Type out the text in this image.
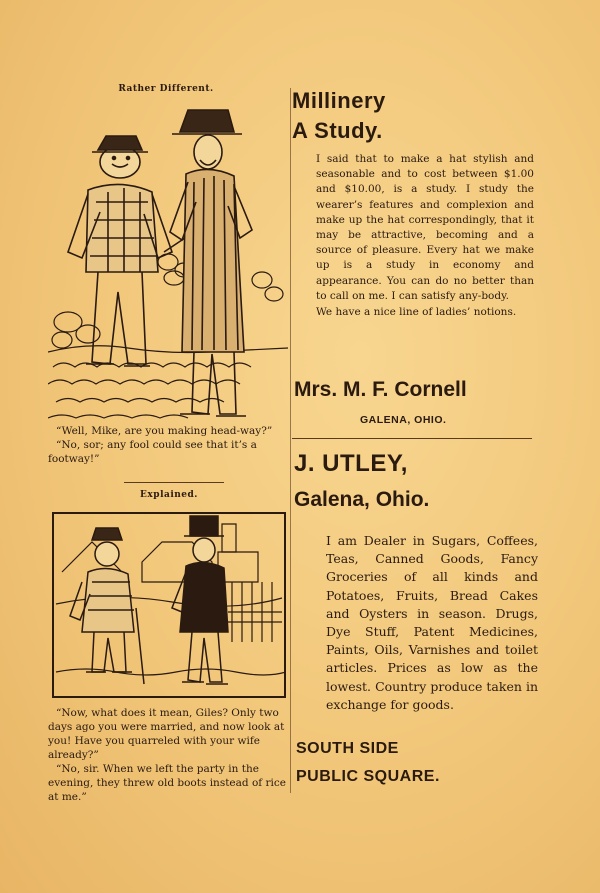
Rather Different.

“Well, Mike, are you making head-way?”

“No, sor; any fool could see that it’s a footway!”

Explained.

“Now, what does it mean, Giles? Only two days ago you were married, and now look at you! Have you quarreled with your wife already?”

“No, sir. When we left the party in the evening, they threw old boots instead of rice at me.”

Millinery
A Study.

I said that to make a hat stylish and seasonable and to cost between $1.00 and $10.00, is a study. I study the wearer’s features and complexion and make up the hat correspondingly, that it may be attractive, becoming and a source of pleasure. Every hat we make up is a study in economy and appearance. You can do no better than to call on me. I can satisfy any-body.

We have a nice line of ladies’ notions.

Mrs. M. F. Cornell
GALENA, OHIO.
J. UTLEY,
Galena, Ohio.

I am Dealer in Sugars, Coffees, Teas, Canned Goods, Fancy Groceries of all kinds and Potatoes, Fruits, Bread Cakes and Oysters in season. Drugs, Dye Stuff, Patent Medicines, Paints, Oils, Varnishes and toilet articles. Prices as low as the lowest. Country produce taken in exchange for goods.

SOUTH SIDE
PUBLIC SQUARE.
